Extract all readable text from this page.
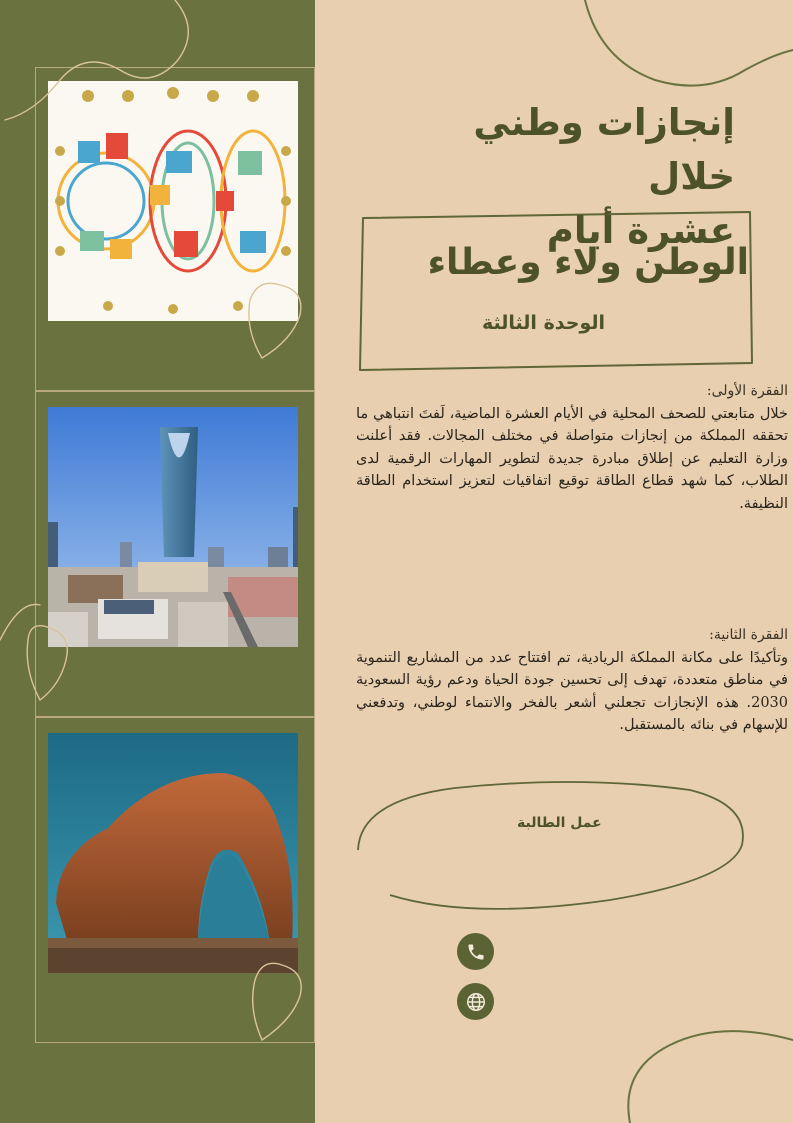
إنجازات وطني خلال
عشرة أيام
الوطن ولاء وعطاء
الوحدة الثالثة
الفقرة الأولى:
خلال متابعتي للصحف المحلية في الأيام العشرة الماضية، لَفتَ انتباهي ما تحققه المملكة من إنجازات متواصلة في مختلف المجالات. فقد أعلنت وزارة التعليم عن إطلاق مبادرة جديدة لتطوير المهارات الرقمية لدى الطلاب، كما شهد قطاع الطاقة توقيع اتفاقيات لتعزيز استخدام الطاقة النظيفة.
الفقرة الثانية:
وتأكيدًا على مكانة المملكة الريادية، تم افتتاح عدد من المشاريع التنموية في مناطق متعددة، تهدف إلى تحسين جودة الحياة ودعم رؤية السعودية 2030. هذه الإنجازات تجعلني أشعر بالفخر والانتماء لوطني، وتدفعني للإسهام في بنائه بالمستقبل.
عمل الطالبة
